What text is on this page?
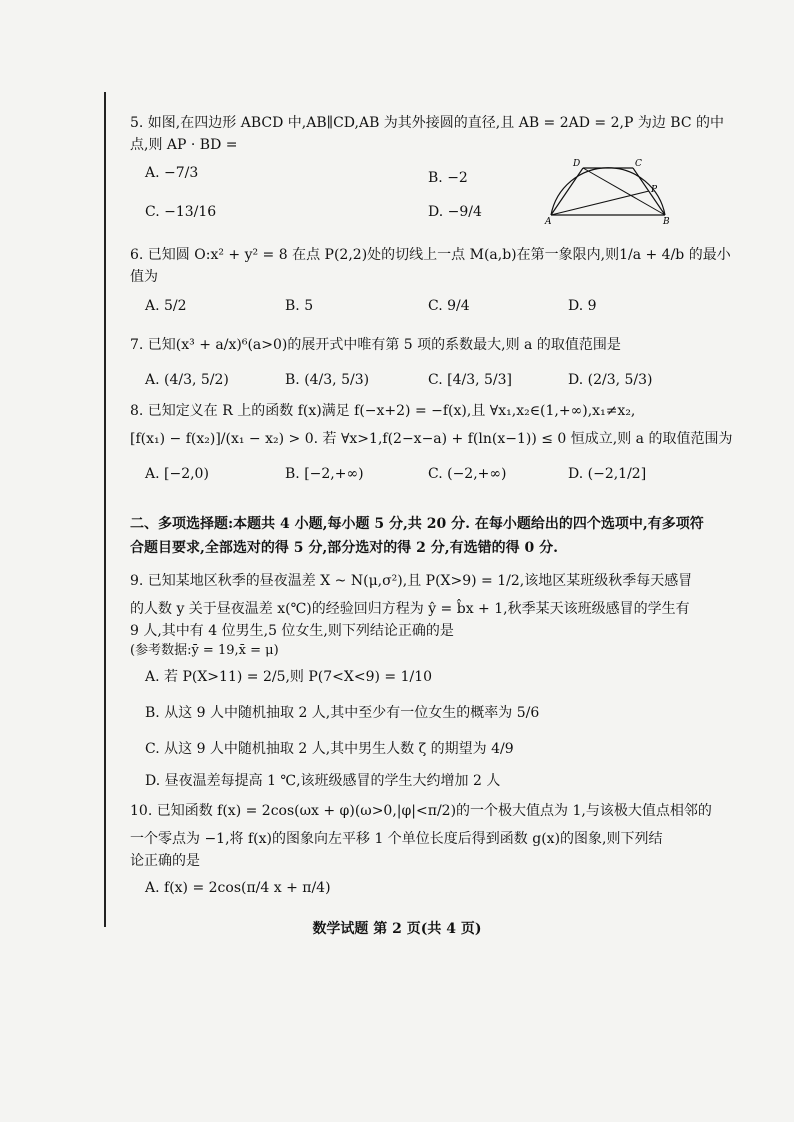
5. 如图,在四边形 ABCD 中,AB∥CD,AB 为其外接圆的直径,且 AB = 2AD = 2,P 为边 BC 的中
点,则 AP · BD =
A. −7/3	B. −2
C. −13/16	D. −9/4
D	C
P
A	B
6. 已知圆 O:x² + y² = 8 在点 P(2,2)处的切线上一点 M(a,b)在第一象限内,则1/a + 4/b 的最小
值为
A. 5/2	B. 5	C. 9/4	D. 9
7. 已知(x³ + a/x)⁶(a>0)的展开式中唯有第 5 项的系数最大,则 a 的取值范围是
A. (4/3, 5/2)	B. (4/3, 5/3)	C. [4/3, 5/3]	D. (2/3, 5/3)
8. 已知定义在 R 上的函数 f(x)满足 f(−x+2) = −f(x),且 ∀x₁,x₂∈(1,+∞),x₁≠x₂,
[f(x₁) − f(x₂)]/(x₁ − x₂) > 0. 若 ∀x>1,f(2−x−a) + f(ln(x−1)) ≤ 0 恒成立,则 a 的取值范围为
A. [−2,0)	B. [−2,+∞)	C. (−2,+∞)	D. (−2,1/2]
二、多项选择题:本题共 4 小题,每小题 5 分,共 20 分. 在每小题给出的四个选项中,有多项符
合题目要求,全部选对的得 5 分,部分选对的得 2 分,有选错的得 0 分.
9. 已知某地区秋季的昼夜温差 X ~ N(μ,σ²),且 P(X>9) = 1/2,该地区某班级秋季每天感冒
的人数 y 关于昼夜温差 x(℃)的经验回归方程为 ŷ = b̂x + 1,秋季某天该班级感冒的学生有
9 人,其中有 4 位男生,5 位女生,则下列结论正确的是
(参考数据:ȳ = 19,x̄ = μ)
A. 若 P(X>11) = 2/5,则 P(7<X<9) = 1/10
B. 从这 9 人中随机抽取 2 人,其中至少有一位女生的概率为 5/6
C. 从这 9 人中随机抽取 2 人,其中男生人数 ζ 的期望为 4/9
D. 昼夜温差每提高 1 ℃,该班级感冒的学生大约增加 2 人
10. 已知函数 f(x) = 2cos(ωx + φ)(ω>0,|φ|<π/2)的一个极大值点为 1,与该极大值点相邻的
一个零点为 −1,将 f(x)的图象向左平移 1 个单位长度后得到函数 g(x)的图象,则下列结
论正确的是
A. f(x) = 2cos(π/4 x + π/4)
数学试题 第 2 页(共 4 页)
